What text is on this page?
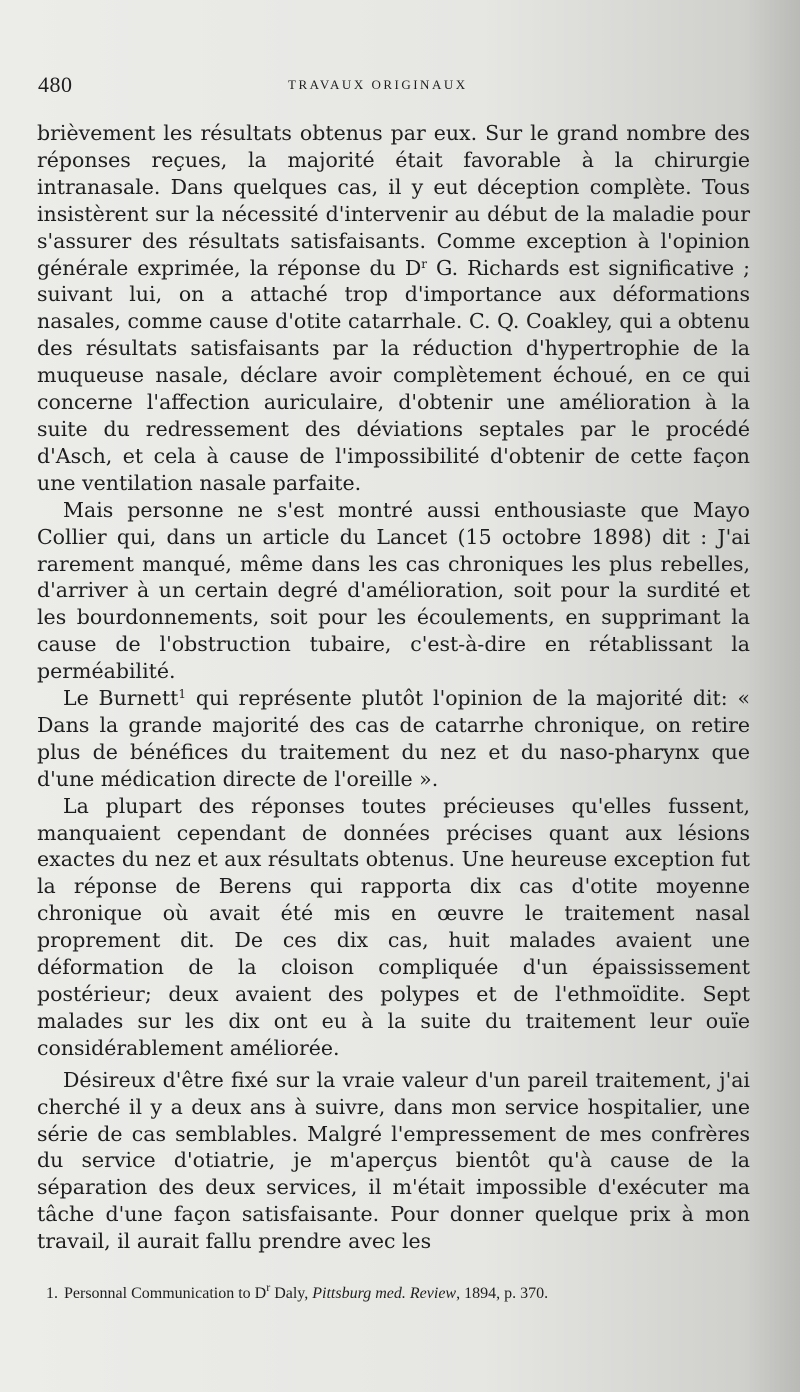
480	TRAVAUX ORIGINAUX

brièvement les résultats obtenus par eux. Sur le grand nombre des réponses reçues, la majorité était favorable à la chirurgie intranasale. Dans quelques cas, il y eut déception complète. Tous insistèrent sur la nécessité d'intervenir au début de la maladie pour s'assurer des résultats satisfaisants. Comme exception à l'opinion générale exprimée, la réponse du $D^r$ G. Richards est significative ; suivant lui, on a attaché trop d'importance aux déformations nasales, comme cause d'otite catarrhale. C. Q. Coakley, qui a obtenu des résultats satisfaisants par la réduction d'hypertrophie de la muqueuse nasale, déclare avoir complètement échoué, en ce qui concerne l'affection auriculaire, d'obtenir une amélioration à la suite du redressement des déviations septales par le procédé d'Asch, et cela à cause de l'impossibilité d'obtenir de cette façon une ventilation nasale parfaite.

Mais personne ne s'est montré aussi enthousiaste que Mayo Collier qui, dans un article du Lancet (15 octobre 1898) dit : J'ai rarement manqué, même dans les cas chroniques les plus rebelles, d'arriver à un certain degré d'amélioration, soit pour la surdité et les bourdonnements, soit pour les écoulements, en supprimant la cause de l'obstruction tubaire, c'est-à-dire en rétablissant la perméabilité.

Le Burnett$^1$ qui représente plutôt l'opinion de la majorité dit: « Dans la grande majorité des cas de catarrhe chronique, on retire plus de bénéfices du traitement du nez et du naso-pharynx que d'une médication directe de l'oreille ».

La plupart des réponses toutes précieuses qu'elles fussent, manquaient cependant de données précises quant aux lésions exactes du nez et aux résultats obtenus. Une heureuse exception fut la réponse de Berens qui rapporta dix cas d'otite moyenne chronique où avait été mis en œuvre le traitement nasal proprement dit. De ces dix cas, huit malades avaient une déformation de la cloison compliquée d'un épaississement postérieur; deux avaient des polypes et de l'ethmoïdite. Sept malades sur les dix ont eu à la suite du traitement leur ouïe considérablement améliorée.

Désireux d'être fixé sur la vraie valeur d'un pareil traitement, j'ai cherché il y a deux ans à suivre, dans mon service hospitalier, une série de cas semblables. Malgré l'empressement de mes confrères du service d'otiatrie, je m'aperçus bientôt qu'à cause de la séparation des deux services, il m'était impossible d'exécuter ma tâche d'une façon satisfaisante. Pour donner quelque prix à mon travail, il aurait fallu prendre avec les

1. Personnal Communication to $D^r$ Daly, Pittsburg med. Review, 1894, p. 370.
